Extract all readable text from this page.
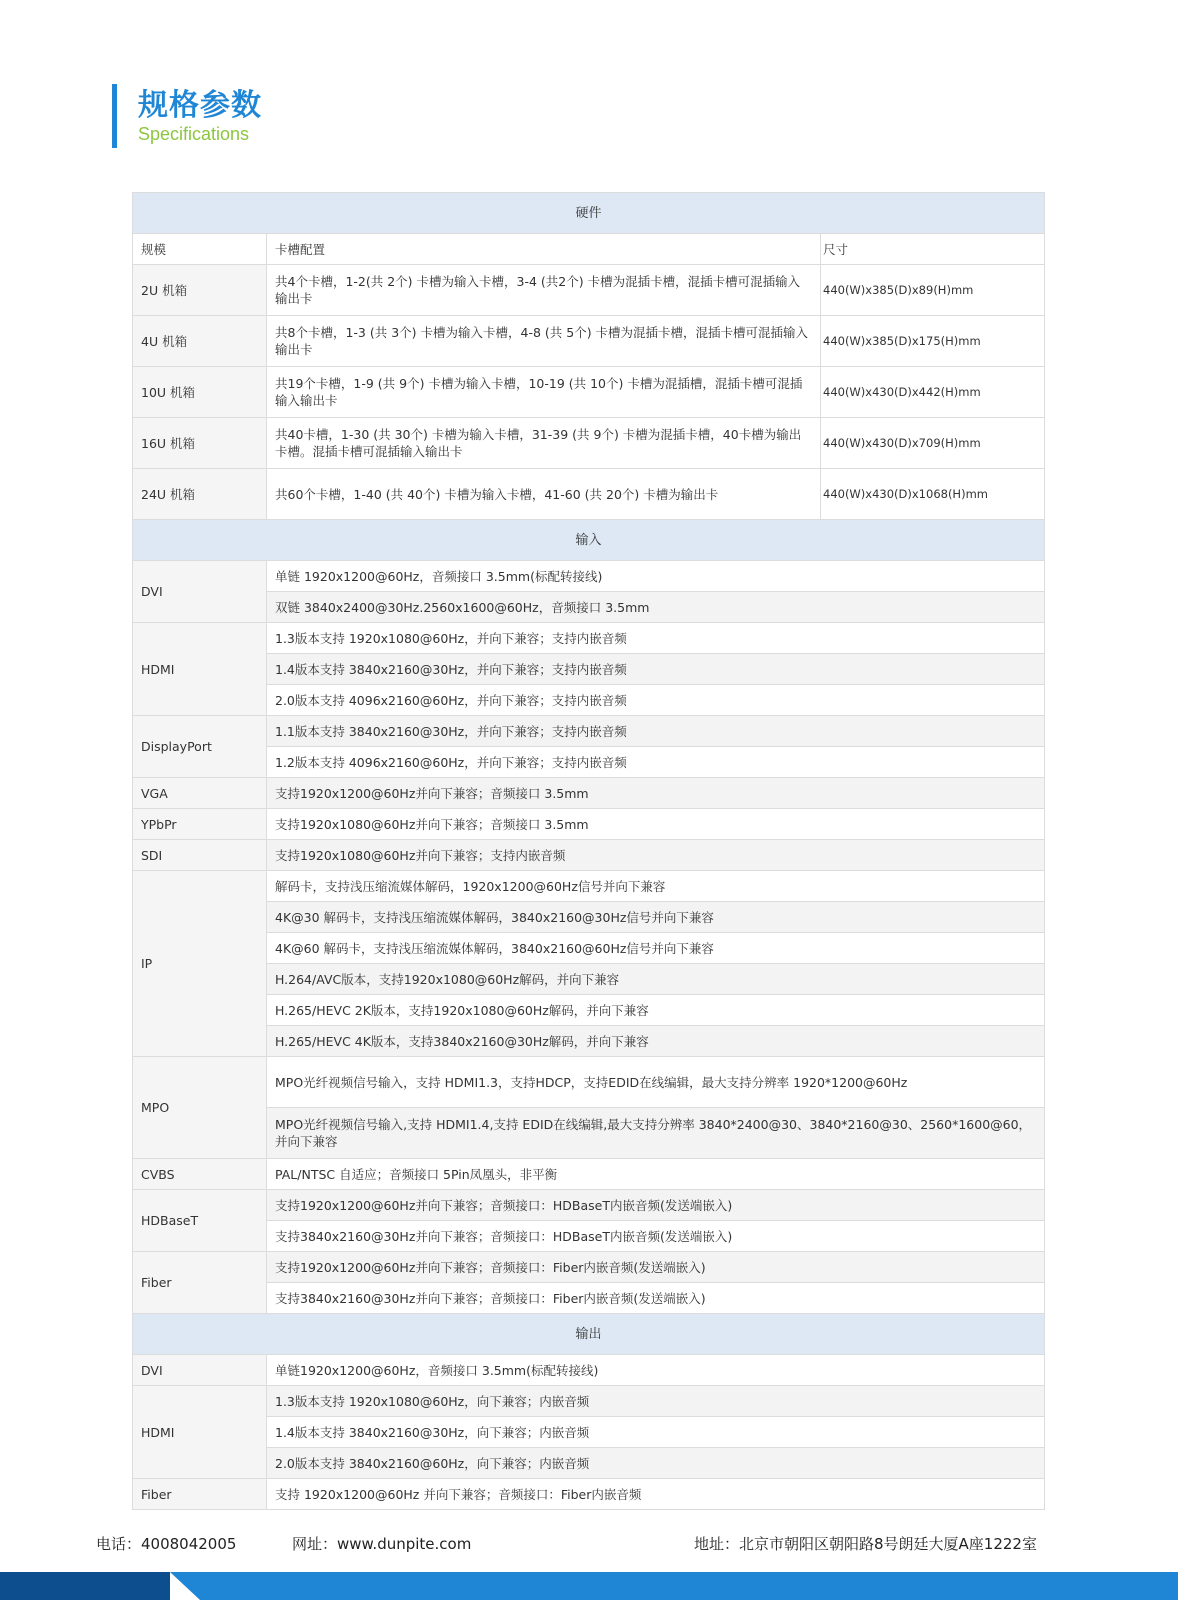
规格参数
Specifications
硬件		
规模	卡槽配置	尺寸
2U 机箱	共4个卡槽，1-2(共 2个) 卡槽为输入卡槽，3-4 (共2个) 卡槽为混插卡槽，混插卡槽可混插输入输出卡	440(W)x385(D)x89(H)mm
4U 机箱	共8个卡槽，1-3 (共 3个) 卡槽为输入卡槽，4-8 (共 5个) 卡槽为混插卡槽，混插卡槽可混插输入输出卡	440(W)x385(D)x175(H)mm
10U 机箱	共19个卡槽，1-9 (共 9个) 卡槽为输入卡槽，10-19 (共 10个) 卡槽为混插槽，混插卡槽可混插输入输出卡	440(W)x430(D)x442(H)mm
16U 机箱	共40卡槽，1-30 (共 30个) 卡槽为输入卡槽，31-39 (共 9个) 卡槽为混插卡槽，40卡槽为输出卡槽。混插卡槽可混插输入输出卡	440(W)x430(D)x709(H)mm
24U 机箱	共60个卡槽，1-40 (共 40个) 卡槽为输入卡槽，41-60 (共 20个) 卡槽为输出卡	440(W)x430(D)x1068(H)mm
输入		
DVI	单链 1920x1200@60Hz，音频接口 3.5mm(标配转接线)	
	双链 3840x2400@30Hz.2560x1600@60Hz，音频接口 3.5mm	
HDMI	1.3版本支持 1920x1080@60Hz，并向下兼容；支持内嵌音频	
	1.4版本支持 3840x2160@30Hz，并向下兼容；支持内嵌音频	
	2.0版本支持 4096x2160@60Hz，并向下兼容；支持内嵌音频	
DisplayPort	1.1版本支持 3840x2160@30Hz，并向下兼容；支持内嵌音频	
	1.2版本支持 4096x2160@60Hz，并向下兼容；支持内嵌音频	
VGA	支持1920x1200@60Hz并向下兼容；音频接口 3.5mm	
YPbPr	支持1920x1080@60Hz并向下兼容；音频接口 3.5mm	
SDI	支持1920x1080@60Hz并向下兼容；支持内嵌音频	
IP	解码卡，支持浅压缩流媒体解码，1920x1200@60Hz信号并向下兼容	
	4K@30 解码卡，支持浅压缩流媒体解码，3840x2160@30Hz信号并向下兼容	
	4K@60 解码卡，支持浅压缩流媒体解码，3840x2160@60Hz信号并向下兼容	
	H.264/AVC版本，支持1920x1080@60Hz解码，并向下兼容	
	H.265/HEVC 2K版本，支持1920x1080@60Hz解码，并向下兼容	
	H.265/HEVC 4K版本，支持3840x2160@30Hz解码，并向下兼容	
MPO	MPO光纤视频信号输入，支持 HDMI1.3，支持HDCP，支持EDID在线编辑，最大支持分辨率 1920*1200@60Hz	
	MPO光纤视频信号输入,支持 HDMI1.4,支持 EDID在线编辑,最大支持分辨率 3840*2400@30、3840*2160@30、2560*1600@60，并向下兼容	
CVBS	PAL/NTSC 自适应；音频接口 5Pin凤凰头，非平衡	
HDBaseT	支持1920x1200@60Hz并向下兼容；音频接口：HDBaseT内嵌音频(发送端嵌入)	
	支持3840x2160@30Hz并向下兼容；音频接口：HDBaseT内嵌音频(发送端嵌入)	
Fiber	支持1920x1200@60Hz并向下兼容；音频接口：Fiber内嵌音频(发送端嵌入)	
	支持3840x2160@30Hz并向下兼容；音频接口：Fiber内嵌音频(发送端嵌入)	
输出		
DVI	单链1920x1200@60Hz，音频接口 3.5mm(标配转接线)	
HDMI	1.3版本支持 1920x1080@60Hz，向下兼容；内嵌音频	
	1.4版本支持 3840x2160@30Hz，向下兼容；内嵌音频	
	2.0版本支持 3840x2160@60Hz，向下兼容；内嵌音频	
Fiber	支持 1920x1200@60Hz 并向下兼容；音频接口：Fiber内嵌音频	
电话：4008042005	网址：www.dunpite.com	地址：北京市朝阳区朝阳路8号朗廷大厦A座1222室
